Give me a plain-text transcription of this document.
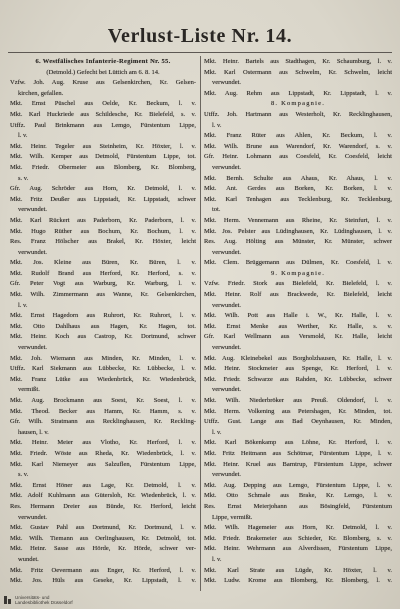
Verlust-Liste Nr. 14.
6. Westfälisches Infanterie-Regiment Nr. 55.
(Detmold.) Gefecht bei Lüttich am 6. 8. 14.
Vzfw. Joh. Aug. Kruse aus Gelsenkirchen, Kr. Gelsen-
kirchen, gefallen.
Mkt. Ernst Püschel aus Oelde, Kr. Beckum, l. v.
Mkt. Karl Huckriede aus Schildesche, Kr. Bielefeld, s. v.
Utffz. Paul Brinkmann aus Lemgo, Fürstentum Lippe,
l. v.
Mkt. Heinr. Tegeler aus Steinheim, Kr. Höxter, l. v.
Mkt. Wilh. Kemper aus Detmold, Fürstentum Lippe, tot.
Mkt. Friedr. Obermeier aus Blomberg, Kr. Blomberg,
s. v.
Gfr. Aug. Schröder aus Horn, Kr. Detmold, l. v.
Mkt. Fritz Deußer aus Lippstadt, Kr. Lippstadt, schwer
verwundet.
Mkt. Karl Rückert aus Paderborn, Kr. Paderborn, l. v.
Mkt. Hugo Rüther aus Bochum, Kr. Bochum, l. v.
Res. Franz Hölscher aus Brakel, Kr. Höxter, leicht
verwundet.
Mkt. Jos. Kleine aus Büren, Kr. Büren, l. v.
Mkt. Rudolf Brand aus Herford, Kr. Herford, s. v.
Gfr. Peter Vogt aus Warburg, Kr. Warburg, l. v.
Mkt. Wilh. Zimmermann aus Wanne, Kr. Gelsenkirchen,
l. v.
Mkt. Ernst Hagedorn aus Ruhrort, Kr. Ruhrort, l. v.
Mkt. Otto Dahlhaus aus Hagen, Kr. Hagen, tot.
Mkt. Heinr. Koch aus Castrop, Kr. Dortmund, schwer
verwundet.
Mkt. Joh. Wiemann aus Minden, Kr. Minden, l. v.
Utffz. Karl Siekmann aus Lübbecke, Kr. Lübbecke, l. v.
Mkt. Franz Lütke aus Wiedenbrück, Kr. Wiedenbrück,
vermißt.
Mkt. Aug. Brockmann aus Soest, Kr. Soest, l. v.
Mkt. Theod. Becker aus Hamm, Kr. Hamm, s. v.
Gfr. Wilh. Stratmann aus Recklinghausen, Kr. Reckling-
hausen, l. v.
Mkt. Heinr. Meier aus Vlotho, Kr. Herford, l. v.
Mkt. Friedr. Wöste aus Rheda, Kr. Wiedenbrück, l. v.
Mkt. Karl Niemeyer aus Salzuflen, Fürstentum Lippe,
s. v.
Mkt. Ernst Höner aus Lage, Kr. Detmold, l. v.
Mkt. Adolf Kuhlmann aus Gütersloh, Kr. Wiedenbrück, l. v.
Res. Hermann Dreier aus Bünde, Kr. Herford, leicht
verwundet.
Mkt. Gustav Pahl aus Dortmund, Kr. Dortmund, l. v.
Mkt. Wilh. Tiemann aus Oerlinghausen, Kr. Detmold, tot.
Mkt. Heinr. Sasse aus Hörde, Kr. Hörde, schwer ver-
wundet.
Mkt. Fritz Oevermann aus Enger, Kr. Herford, l. v.
Mkt. Jos. Hüls aus Geseke, Kr. Lippstadt, l. v.
Mkt. Heinr. Bartels aus Stadthagen, Kr. Schaumburg, l. v.
Mkt. Karl Ostermann aus Schwelm, Kr. Schwelm, leicht
verwundet.
Mkt. Aug. Rehm aus Lippstadt, Kr. Lippstadt, l. v.
8. Kompagnie.
Utffz. Joh. Hartmann aus Westerholt, Kr. Recklinghausen,
l. v.
Mkt. Franz Rüter aus Ahlen, Kr. Beckum, l. v.
Mkt. Wilh. Brune aus Warendorf, Kr. Warendorf, s. v.
Gfr. Heinr. Lohmann aus Coesfeld, Kr. Coesfeld, leicht
verwundet.
Mkt. Bernh. Schulte aus Ahaus, Kr. Ahaus, l. v.
Mkt. Ant. Gerdes aus Borken, Kr. Borken, l. v.
Mkt. Karl Tenhagen aus Tecklenburg, Kr. Tecklenburg,
tot.
Mkt. Herm. Vennemann aus Rheine, Kr. Steinfurt, l. v.
Mkt. Jos. Pelster aus Lüdinghausen, Kr. Lüdinghausen, l. v.
Res. Aug. Hölting aus Münster, Kr. Münster, schwer
verwundet.
Mkt. Clem. Brüggemann aus Dülmen, Kr. Coesfeld, l. v.
9. Kompagnie.
Vzfw. Friedr. Stork aus Bielefeld, Kr. Bielefeld, l. v.
Mkt. Heinr. Rolf aus Brackwede, Kr. Bielefeld, leicht
verwundet.
Mkt. Wilh. Pott aus Halle i. W., Kr. Halle, l. v.
Mkt. Ernst Menke aus Werther, Kr. Halle, s. v.
Gfr. Karl Wellmann aus Versmold, Kr. Halle, leicht
verwundet.
Mkt. Aug. Kleinebekel aus Borgholzhausen, Kr. Halle, l. v.
Mkt. Heinr. Stockmeier aus Spenge, Kr. Herford, l. v.
Mkt. Friedr. Schwarze aus Rahden, Kr. Lübbecke, schwer
verwundet.
Mkt. Wilh. Niederbröker aus Preuß. Oldendorf, l. v.
Mkt. Herm. Volkening aus Petershagen, Kr. Minden, tot.
Utffz. Gust. Lange aus Bad Oeynhausen, Kr. Minden,
l. v.
Mkt. Karl Bökenkamp aus Löhne, Kr. Herford, l. v.
Mkt. Fritz Heitmann aus Schötmar, Fürstentum Lippe, l. v.
Mkt. Heinr. Kruel aus Barntrup, Fürstentum Lippe, schwer
verwundet.
Mkt. Aug. Depping aus Lemgo, Fürstentum Lippe, l. v.
Mkt. Otto Schmale aus Brake, Kr. Lemgo, l. v.
Res. Ernst Meierjohann aus Bösingfeld, Fürstentum
Lippe, vermißt.
Mkt. Wilh. Hagemeier aus Horn, Kr. Detmold, l. v.
Mkt. Friedr. Brakemeier aus Schieder, Kr. Blomberg, s. v.
Mkt. Heinr. Wehrmann aus Alverdissen, Fürstentum Lippe,
l. v.
Mkt. Karl Strate aus Lügde, Kr. Höxter, l. v.
Mkt. Ludw. Krome aus Blomberg, Kr. Blomberg, l. v.
Universitäts- und
Landesbibliothek Düsseldorf
